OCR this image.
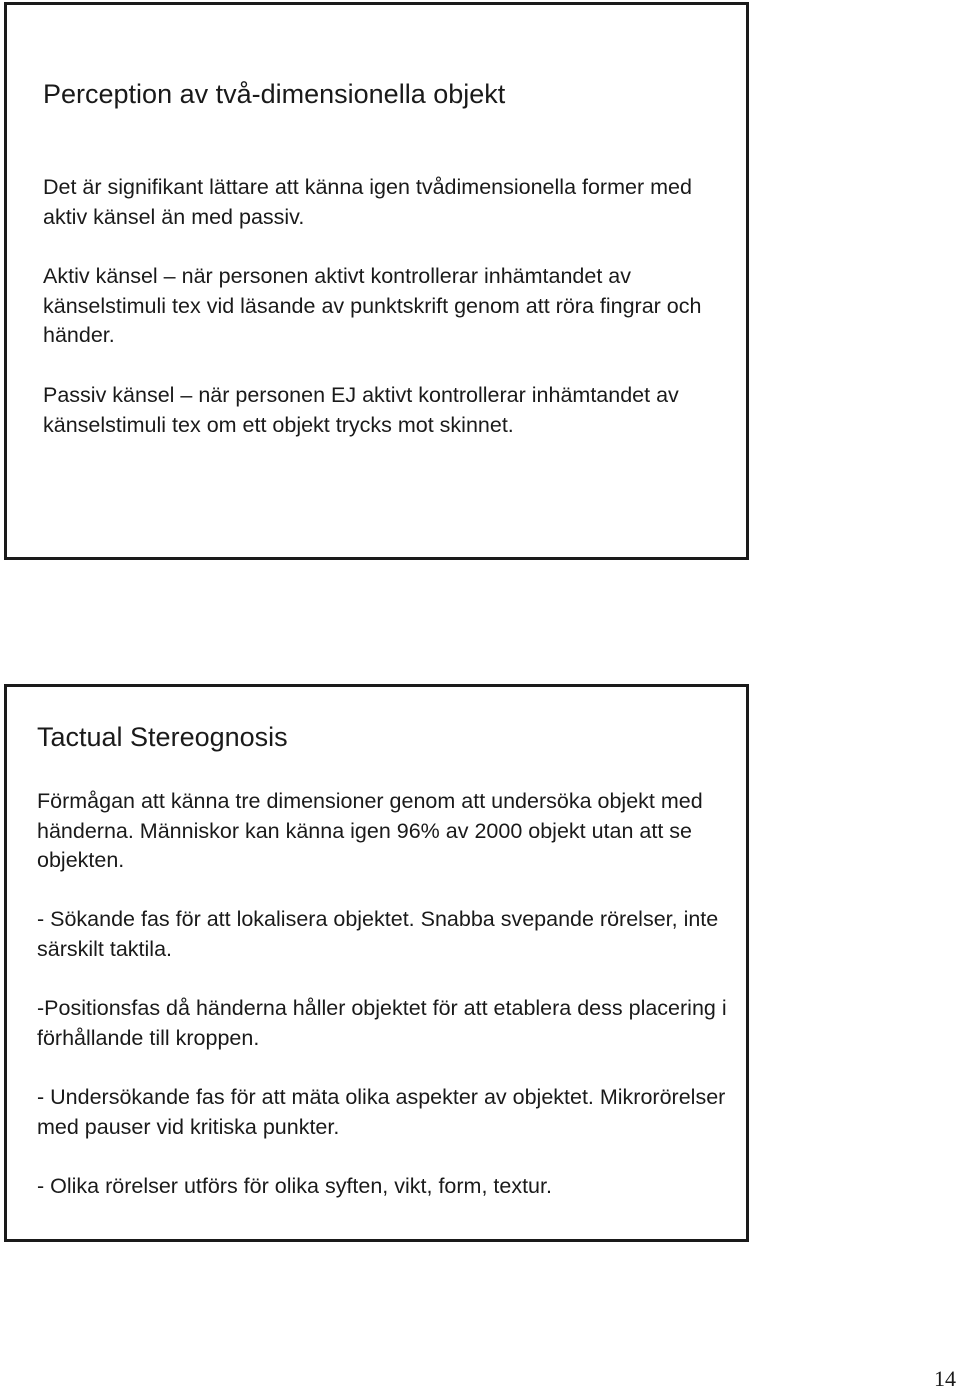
Perception av två-dimensionella objekt

Det är signifikant lättare att känna igen tvådimensionella former med aktiv känsel än med passiv.

Aktiv känsel – när personen aktivt kontrollerar inhämtandet av känselstimuli tex vid läsande av punktskrift genom att röra fingrar och händer.

Passiv känsel – när personen EJ aktivt kontrollerar inhämtandet av känselstimuli tex om ett objekt trycks mot skinnet.

Tactual Stereognosis

Förmågan att känna tre dimensioner genom att undersöka objekt med händerna. Människor kan känna igen 96% av 2000 objekt utan att se objekten.

- Sökande fas för att lokalisera objektet. Snabba svepande rörelser, inte särskilt taktila.

-Positionsfas då händerna håller objektet för att etablera dess placering i förhållande till kroppen.

- Undersökande fas för att mäta olika aspekter av objektet. Mikrorörelser med pauser vid kritiska punkter.

- Olika rörelser utförs för olika syften, vikt, form, textur.

14
